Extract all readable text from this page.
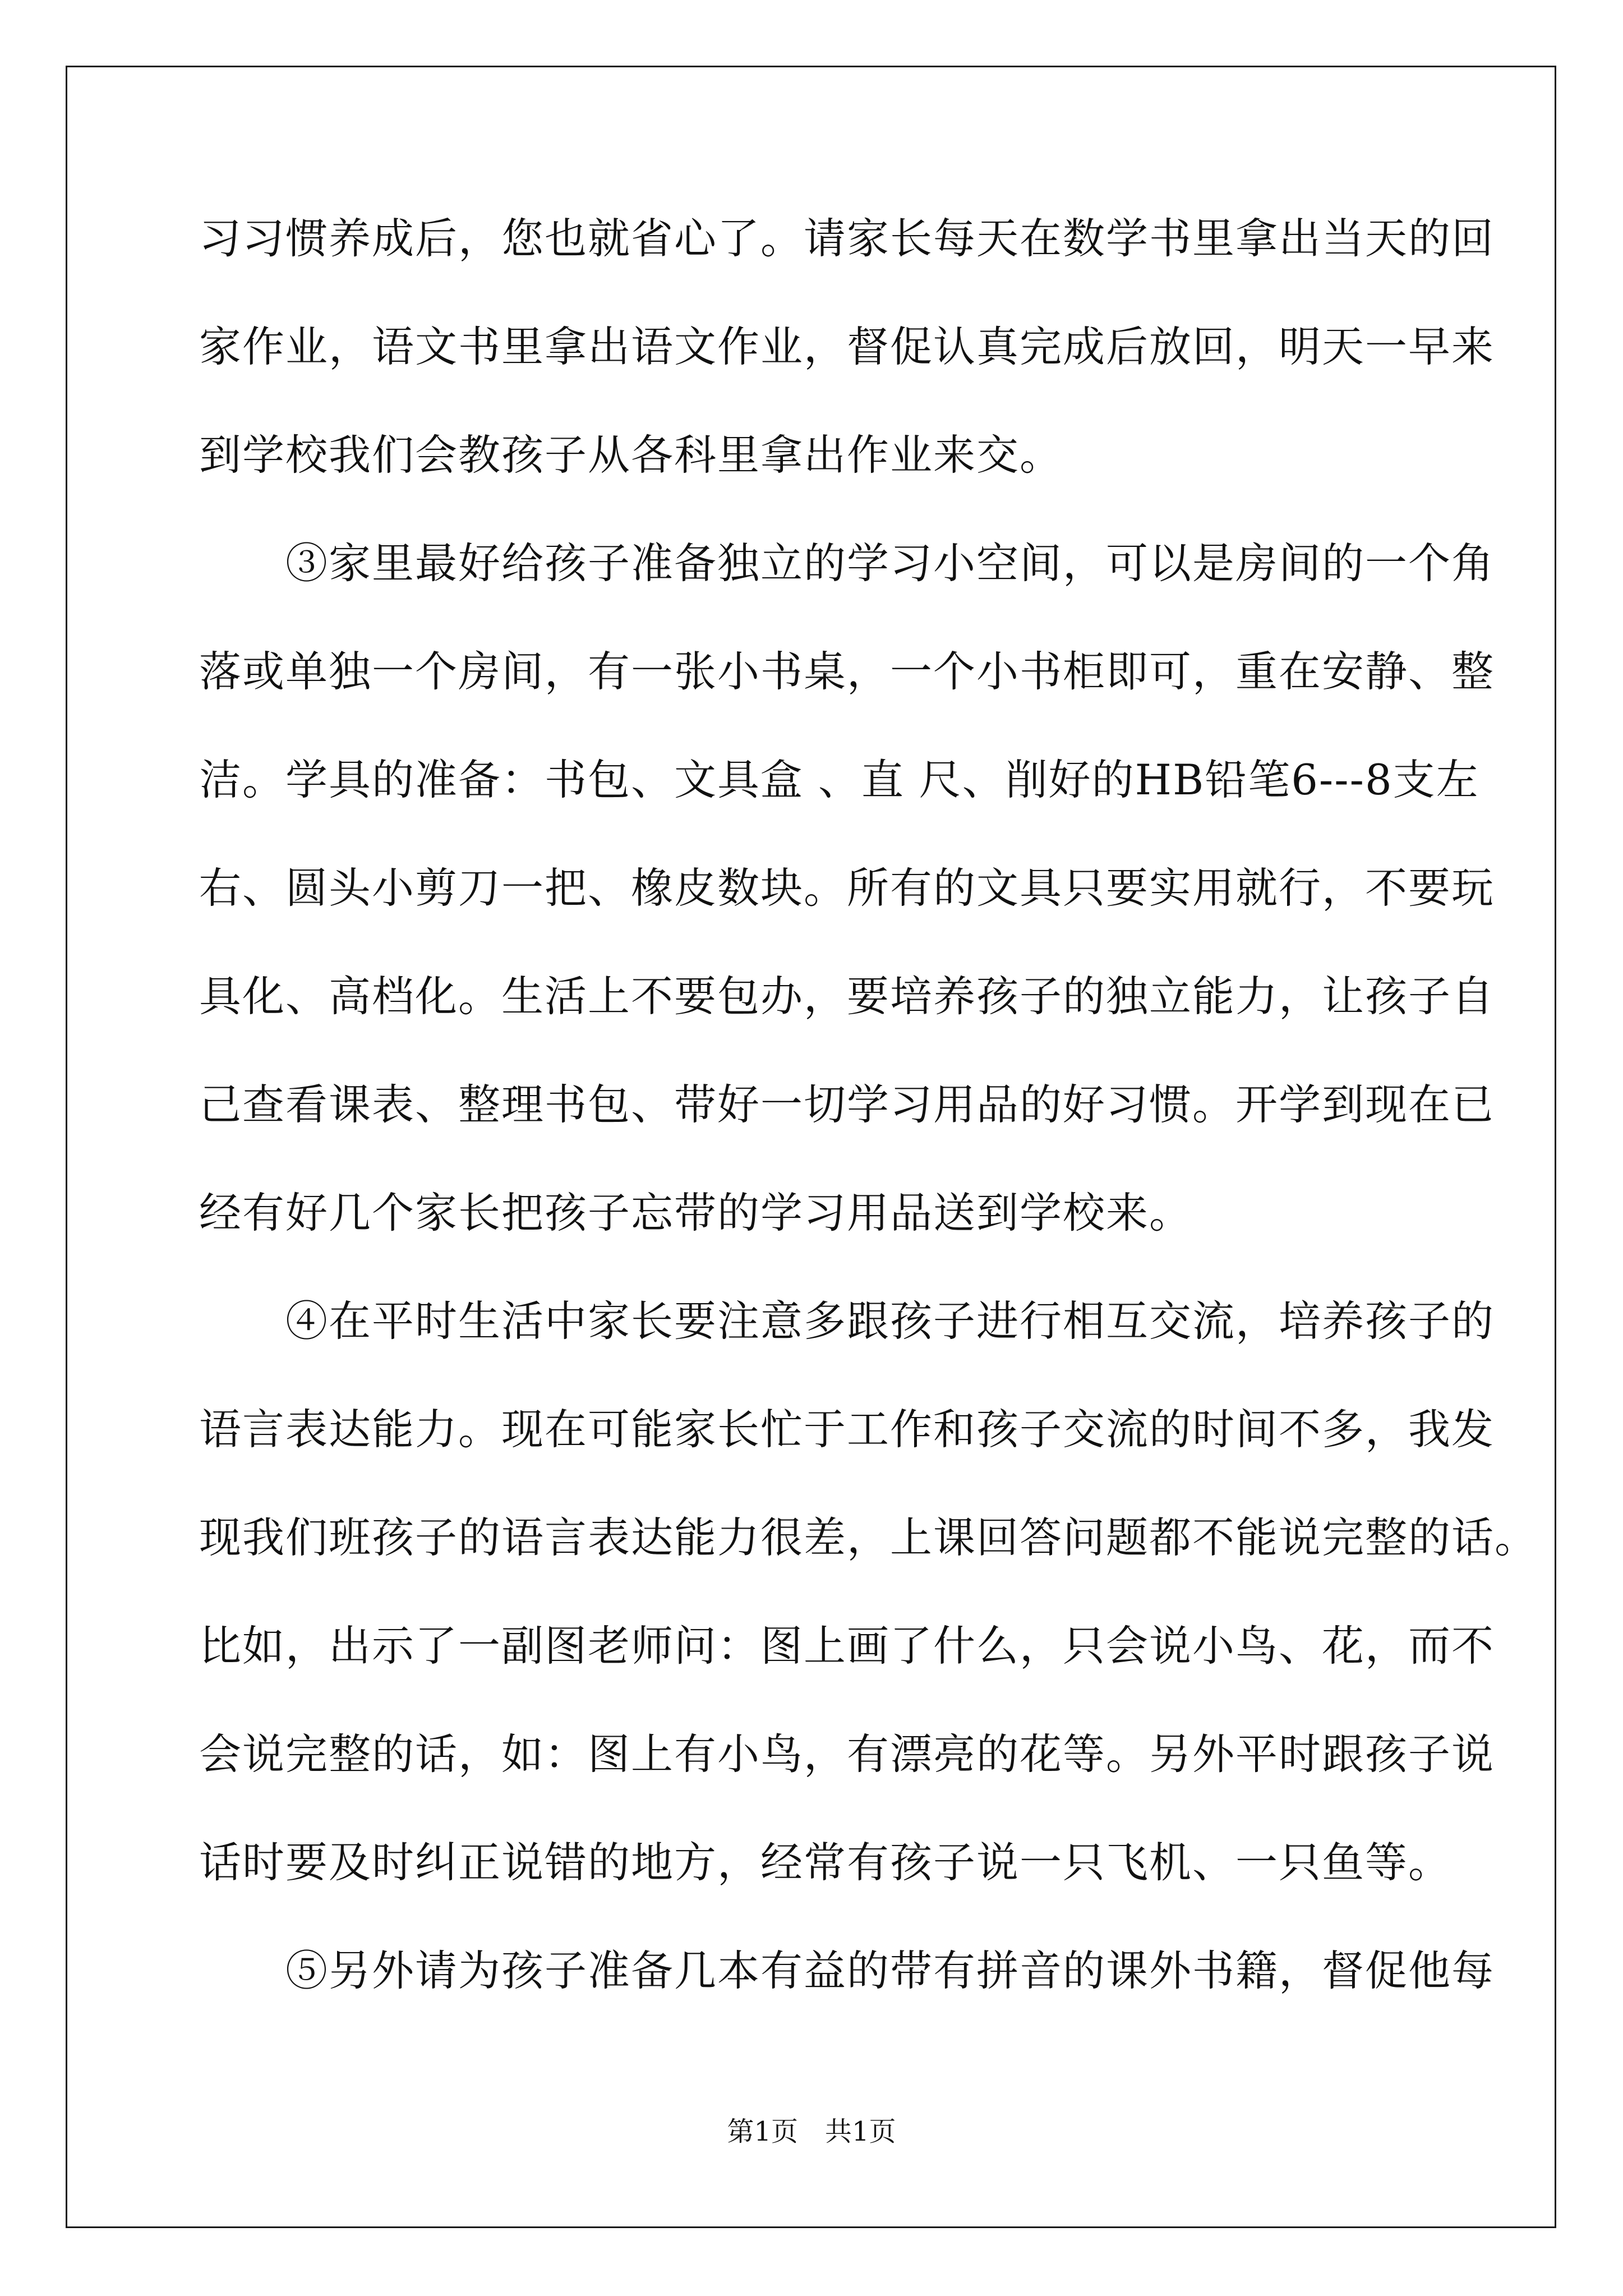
习习惯养成后，您也就省心了。请家长每天在数学书里拿出当天的回
家作业，语文书里拿出语文作业，督促认真完成后放回，明天一早来
到学校我们会教孩子从各科里拿出作业来交。
　　③家里最好给孩子准备独立的学习小空间，可以是房间的一个角
落或单独一个房间，有一张小书桌，一个小书柜即可，重在安静、整
洁。学具的准备：书包、文具盒 、直 尺、削好的HB铅笔6---8支左
右、圆头小剪刀一把、橡皮数块。所有的文具只要实用就行，不要玩
具化、高档化。生活上不要包办，要培养孩子的独立能力，让孩子自
己查看课表、整理书包、带好一切学习用品的好习惯。开学到现在已
经有好几个家长把孩子忘带的学习用品送到学校来。
　　④在平时生活中家长要注意多跟孩子进行相互交流，培养孩子的
语言表达能力。现在可能家长忙于工作和孩子交流的时间不多，我发
现我们班孩子的语言表达能力很差，上课回答问题都不能说完整的话。
比如，出示了一副图老师问：图上画了什么，只会说小鸟、花，而不
会说完整的话，如：图上有小鸟，有漂亮的花等。另外平时跟孩子说
话时要及时纠正说错的地方，经常有孩子说一只飞机、一只鱼等。
　　⑤另外请为孩子准备几本有益的带有拼音的课外书籍，督促他每
第1页　共1页
